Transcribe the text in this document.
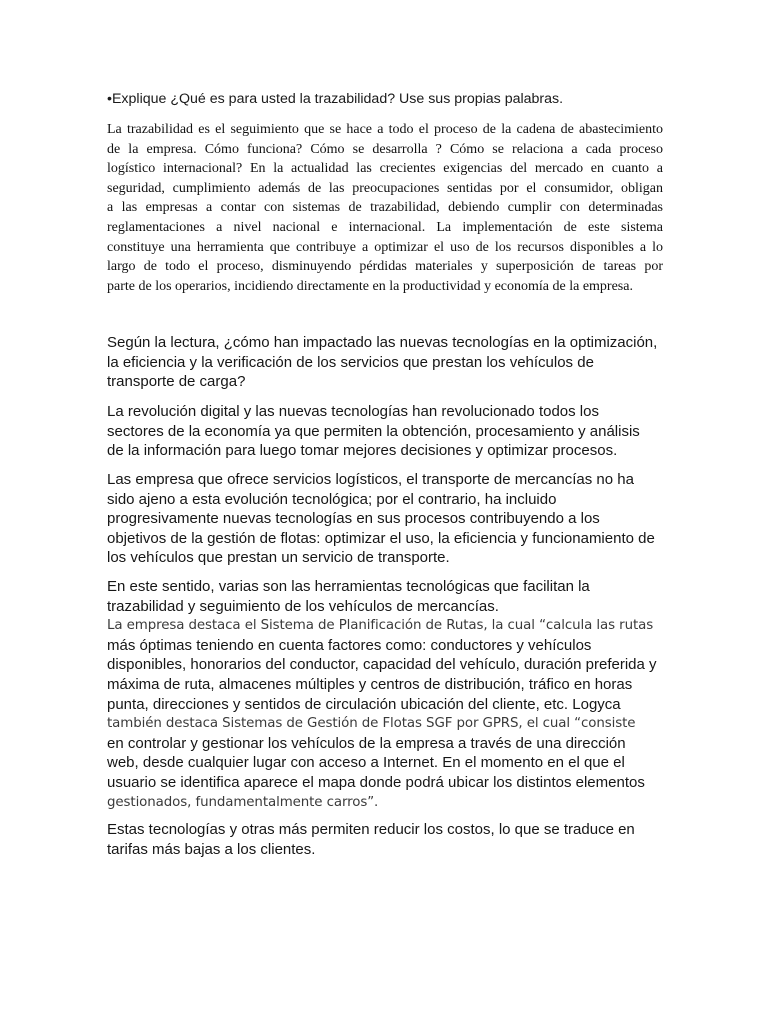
•Explique ¿Qué es para usted la trazabilidad? Use sus propias palabras.
La trazabilidad es el seguimiento que se hace a todo el proceso de la cadena de abastecimiento
de la empresa. Cómo funciona? Cómo se desarrolla ? Cómo se relaciona a cada proceso
logístico internacional? En la actualidad las crecientes exigencias del mercado en cuanto a
seguridad, cumplimiento además de las preocupaciones sentidas por el consumidor, obligan
a las empresas a contar con sistemas de trazabilidad, debiendo cumplir con determinadas
reglamentaciones a nivel nacional e internacional. La implementación de este sistema
constituye una herramienta que contribuye a optimizar el uso de los recursos disponibles a lo
largo de todo el proceso, disminuyendo pérdidas materiales y superposición de tareas por
parte de los operarios, incidiendo directamente en la productividad y economía de la empresa.
Según la lectura, ¿cómo han impactado las nuevas tecnologías en la optimización,
la eficiencia y la verificación de los servicios que prestan los vehículos de
transporte de carga?
La revolución digital y las nuevas tecnologías han revolucionado todos los
sectores de la economía ya que permiten la obtención, procesamiento y análisis
de la información para luego tomar mejores decisiones y optimizar procesos.
Las empresa que ofrece servicios logísticos, el transporte de mercancías no ha
sido ajeno a esta evolución tecnológica; por el contrario, ha incluido
progresivamente nuevas tecnologías en sus procesos contribuyendo a los
objetivos de la gestión de flotas: optimizar el uso, la eficiencia y funcionamiento de
los vehículos que prestan un servicio de transporte.
En este sentido, varias son las herramientas tecnológicas que facilitan la
trazabilidad y seguimiento de los vehículos de mercancías.
La empresa destaca el Sistema de Planificación de Rutas, la cual “calcula las rutas
más óptimas teniendo en cuenta factores como: conductores y vehículos
disponibles, honorarios del conductor, capacidad del vehículo, duración preferida y
máxima de ruta, almacenes múltiples y centros de distribución, tráfico en horas
punta, direcciones y sentidos de circulación ubicación del cliente, etc. Logyca
también destaca Sistemas de Gestión de Flotas SGF por GPRS, el cual “consiste
en controlar y gestionar los vehículos de la empresa a través de una dirección
web, desde cualquier lugar con acceso a Internet. En el momento en el que el
usuario se identifica aparece el mapa donde podrá ubicar los distintos elementos
gestionados, fundamentalmente carros”.
Estas tecnologías y otras más permiten reducir los costos, lo que se traduce en
tarifas más bajas a los clientes.
